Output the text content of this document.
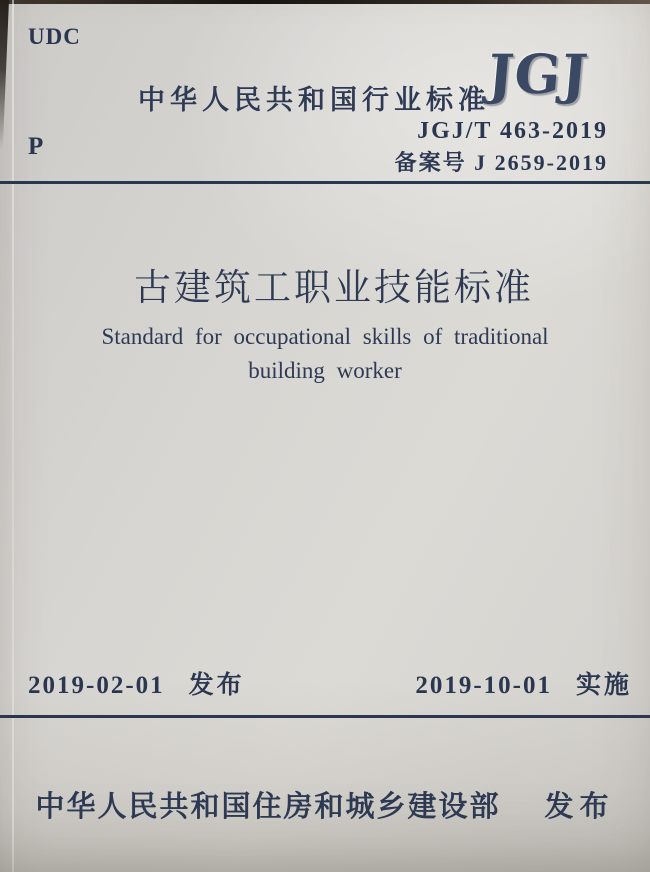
UDC
中华人民共和国行业标准
JGJ
JGJ/T 463-2019
备案号 J 2659-2019
P
古建筑工职业技能标准
Standard for occupational skills of traditional
building worker
2019-02-01 发布	2019-10-01 实施
中华人民共和国住房和城乡建设部 发布
